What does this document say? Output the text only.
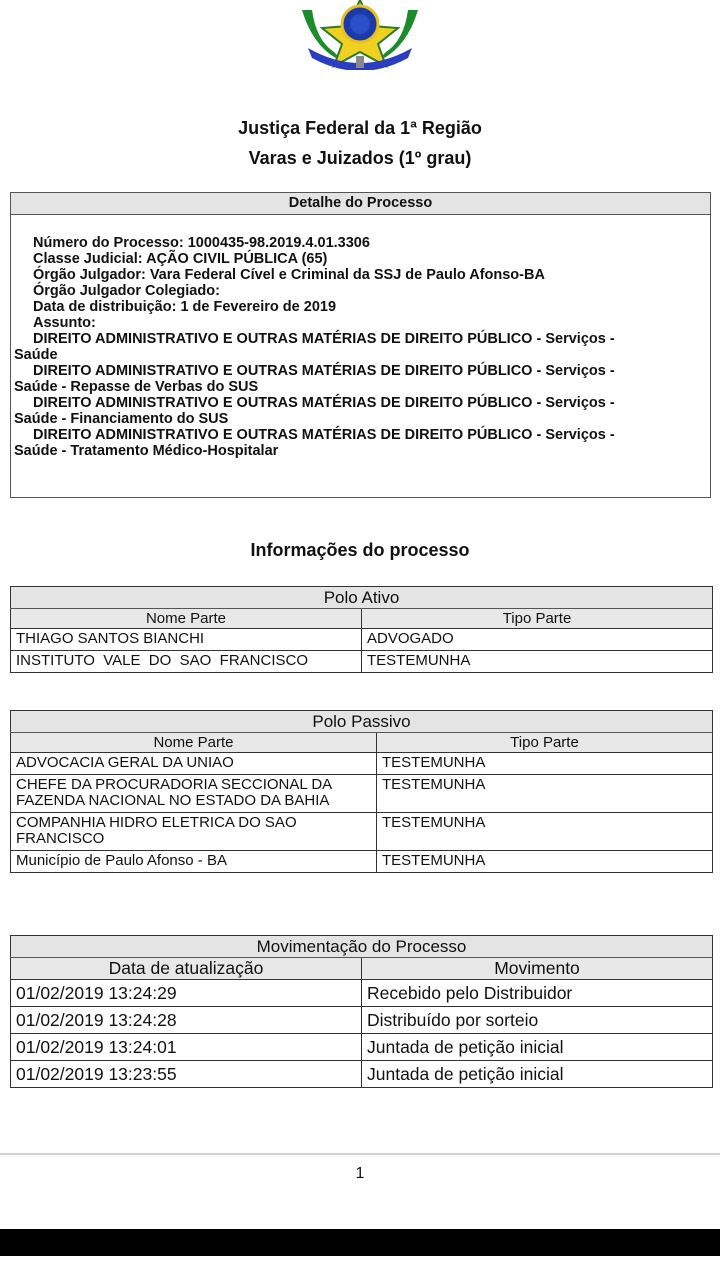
Justiça Federal da 1ª Região
Varas e Juizados (1º grau)
Detalhe do Processo
Número do Processo: 1000435-98.2019.4.01.3306
Classe Judicial: AÇÃO CIVIL PÚBLICA (65)
Órgão Julgador: Vara Federal Cível e Criminal da SSJ de Paulo Afonso-BA
Órgão Julgador Colegiado:
Data de distribuição: 1 de Fevereiro de 2019
Assunto:
DIREITO ADMINISTRATIVO E OUTRAS MATÉRIAS DE DIREITO PÚBLICO - Serviços -
Saúde
DIREITO ADMINISTRATIVO E OUTRAS MATÉRIAS DE DIREITO PÚBLICO - Serviços -
Saúde - Repasse de Verbas do SUS
DIREITO ADMINISTRATIVO E OUTRAS MATÉRIAS DE DIREITO PÚBLICO - Serviços -
Saúde - Financiamento do SUS
DIREITO ADMINISTRATIVO E OUTRAS MATÉRIAS DE DIREITO PÚBLICO - Serviços -
Saúde - Tratamento Médico-Hospitalar
Informações do processo
Polo Ativo	
Nome Parte	Tipo Parte
THIAGO SANTOS BIANCHI	ADVOGADO
INSTITUTO  VALE  DO  SAO  FRANCISCO	TESTEMUNHA
Polo Passivo	
Nome Parte	Tipo Parte
ADVOCACIA GERAL DA UNIAO	TESTEMUNHA
CHEFE DA PROCURADORIA SECCIONAL DA FAZENDA NACIONAL NO ESTADO DA BAHIA	TESTEMUNHA
COMPANHIA HIDRO ELETRICA DO SAO FRANCISCO	TESTEMUNHA
Município de Paulo Afonso - BA	TESTEMUNHA
Movimentação do Processo	
Data de atualização	Movimento
01/02/2019 13:24:29	Recebido pelo Distribuidor
01/02/2019 13:24:28	Distribuído por sorteio
01/02/2019 13:24:01	Juntada de petição inicial
01/02/2019 13:23:55	Juntada de petição inicial
1
